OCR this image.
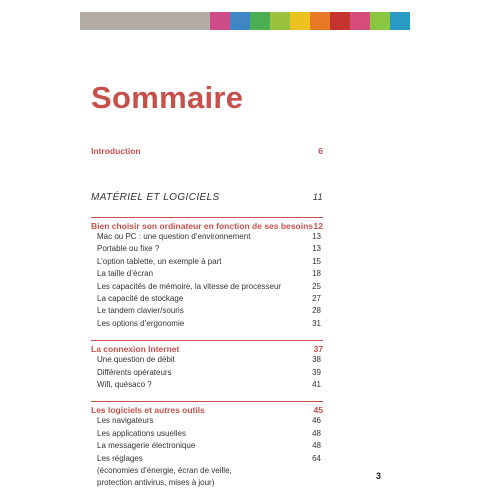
Sommaire
Introduction	6
MATÉRIEL ET LOGICIELS	11
Bien choisir son ordinateur en fonction de ses besoins 12
Mac ou PC : une question d’environnement	13
Portable ou fixe ?	13
L’option tablette, un exemple à part	15
La taille d’écran	18
Les capacités de mémoire, la vitesse de processeur	25
La capacité de stockage	27
Le tandem clavier/souris	28
Les options d’ergonomie	31
La connexion Internet	37
Une question de débit	38
Différents opérateurs	39
Wifi, quésaco ?	41
Les logiciels et autres outils	45
Les navigateurs	46
Les applications usuelles	48
La messagerie électronique	48
Les réglages	64
(économies d’énergie, écran de veille,
protection antivirus, mises à jour)
3
